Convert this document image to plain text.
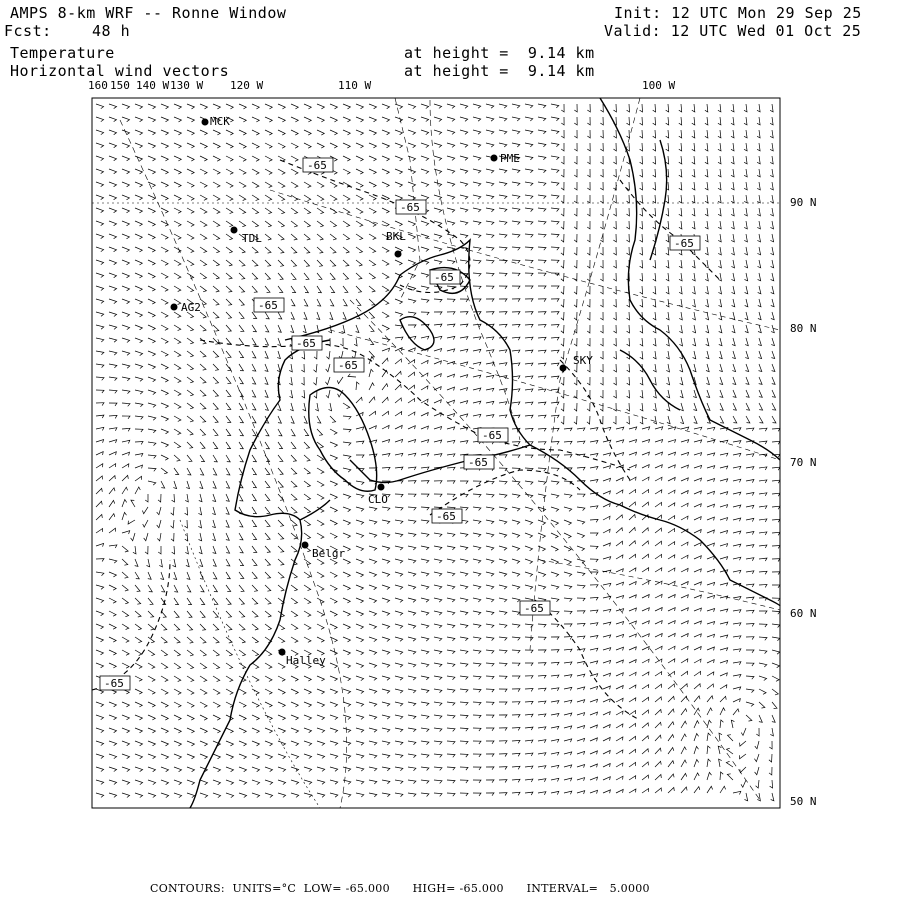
AMPS 8-km WRF -- Ronne Window
Fcst:	48 h
Temperature
Horizontal wind vectors
at height =  9.14 km
at height =  9.14 km
Init: 12 UTC Mon 29 Sep 25
Valid: 12 UTC Wed 01 Oct 25
160 150 140 W 130 W 120 W	110 W	100 W
90 N
80 N
70 N
60 N
50 N
MCK
PME
TDL	BKL
AG2
SKY
CLO
Belgr
Halley
-65
-65
-65
-65
-65
-65
-65
-65
-65
-65
-65
-65
CONTOURS:  UNITS=°C  LOW= -65.000      HIGH= -65.000      INTERVAL=   5.0000
